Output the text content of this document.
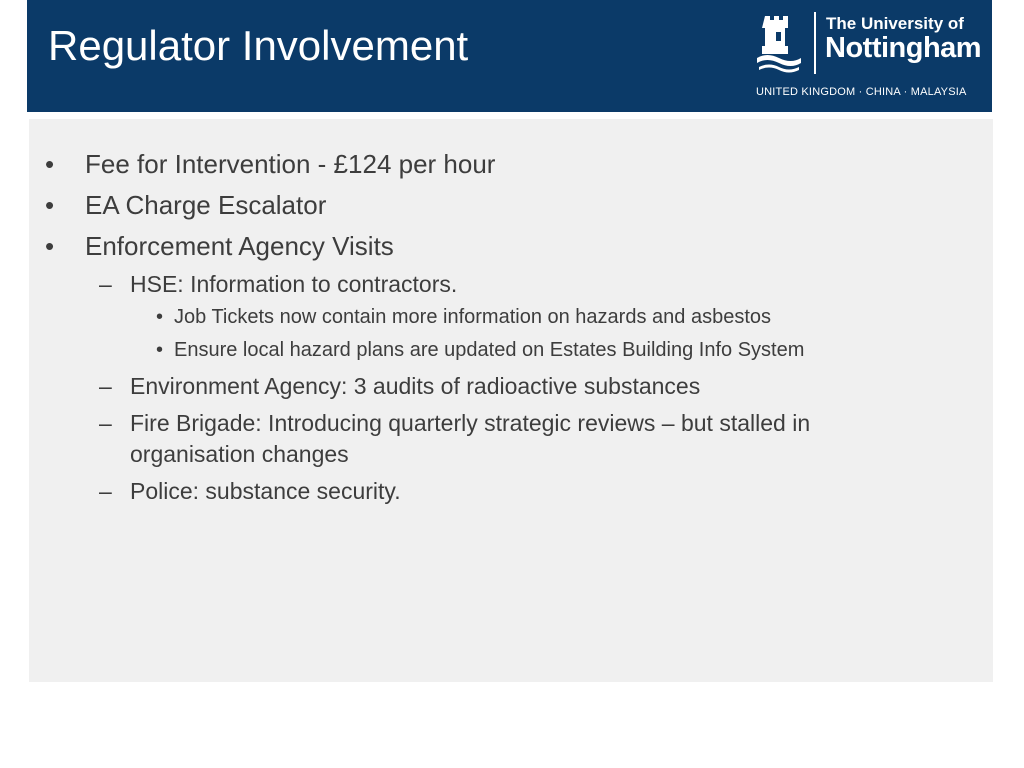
Regulator Involvement	The University of
Nottingham
UNITED KINGDOM · CHINA · MALAYSIA
• Fee for Intervention - £124 per hour
• EA Charge Escalator
• Enforcement Agency Visits
– HSE: Information to contractors.
• Job Tickets now contain more information on hazards and asbestos
• Ensure local hazard plans are updated on Estates Building Info System
– Environment Agency: 3 audits of radioactive substances
– Fire Brigade: Introducing quarterly strategic reviews – but stalled in organisation changes
– Police: substance security.
